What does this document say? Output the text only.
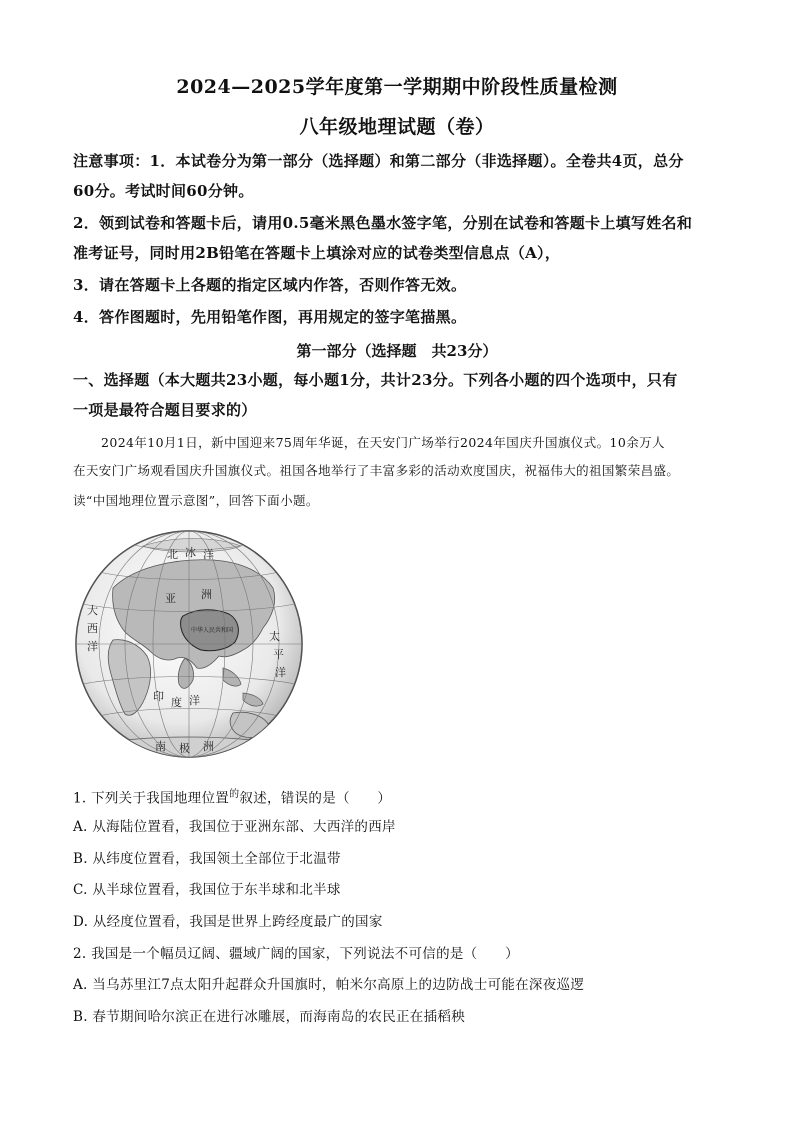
2024—2025学年度第一学期期中阶段性质量检测
八年级地理试题（卷）
注意事项：1．本试卷分为第一部分（选择题）和第二部分（非选择题）。全卷共4页，总分
60分。考试时间60分钟。
2．领到试卷和答题卡后，请用0.5毫米黑色墨水签字笔，分别在试卷和答题卡上填写姓名和
准考证号，同时用2B铅笔在答题卡上填涂对应的试卷类型信息点（A），
3．请在答题卡上各题的指定区域内作答，否则作答无效。
4．答作图题时，先用铅笔作图，再用规定的签字笔描黑。
第一部分（选择题　共23分）
一、选择题（本大题共23小题，每小题1分，共计23分。下列各小题的四个选项中，只有
一项是最符合题目要求的）
2024年10月1日，新中国迎来75周年华诞，在天安门广场举行2024年国庆升国旗仪式。10余万人
在天安门广场观看国庆升国旗仪式。祖国各地举行了丰富多彩的活动欢度国庆，祝福伟大的祖国繁荣昌盛。
读“中国地理位置示意图”，回答下面小题。
北 冰 洋
大
西
洋
太
平
洋
亚 洲
印 度 洋
南 极 洲
中华人民共和国
1. 下列关于我国地理位置$^的$叙述，错误的是（　　）
A. 从海陆位置看，我国位于亚洲东部、大西洋的西岸
B. 从纬度位置看，我国领土全部位于北温带
C. 从半球位置看，我国位于东半球和北半球
D. 从经度位置看，我国是世界上跨经度最广的国家
2. 我国是一个幅员辽阔、疆域广阔的国家，下列说法不可信的是（　　）
A. 当乌苏里江7点太阳升起群众升国旗时，帕米尔高原上的边防战士可能在深夜巡逻
B. 春节期间哈尔滨正在进行冰雕展，而海南岛的农民正在插稻秧
